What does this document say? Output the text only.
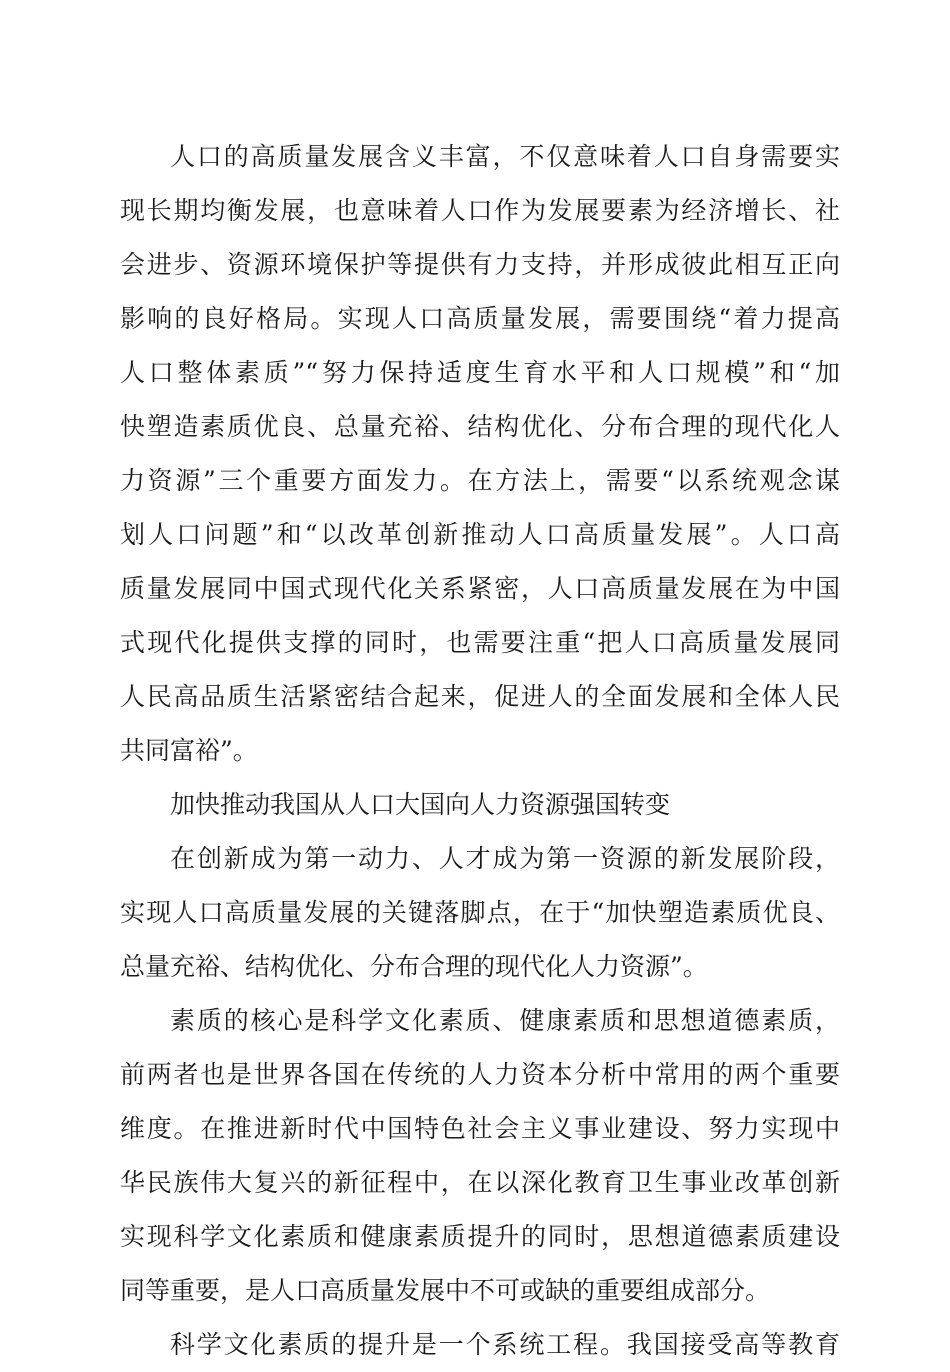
人口的高质量发展含义丰富，不仅意味着人口自身需要实
现长期均衡发展，也意味着人口作为发展要素为经济增长、社
会进步、资源环境保护等提供有力支持，并形成彼此相互正向
影响的良好格局。实现人口高质量发展，需要围绕“着力提高
人口整体素质”“努力保持适度生育水平和人口规模”和“加
快塑造素质优良、总量充裕、结构优化、分布合理的现代化人
力资源”三个重要方面发力。在方法上，需要“以系统观念谋
划人口问题”和“以改革创新推动人口高质量发展”。人口高
质量发展同中国式现代化关系紧密，人口高质量发展在为中国
式现代化提供支撑的同时，也需要注重“把人口高质量发展同
人民高品质生活紧密结合起来，促进人的全面发展和全体人民
共同富裕”。
加快推动我国从人口大国向人力资源强国转变
在创新成为第一动力、人才成为第一资源的新发展阶段，
实现人口高质量发展的关键落脚点，在于“加快塑造素质优良、
总量充裕、结构优化、分布合理的现代化人力资源”。
素质的核心是科学文化素质、健康素质和思想道德素质，
前两者也是世界各国在传统的人力资本分析中常用的两个重要
维度。在推进新时代中国特色社会主义事业建设、努力实现中
华民族伟大复兴的新征程中，在以深化教育卫生事业改革创新
实现科学文化素质和健康素质提升的同时，思想道德素质建设
同等重要，是人口高质量发展中不可或缺的重要组成部分。
科学文化素质的提升是一个系统工程。我国接受高等教育
